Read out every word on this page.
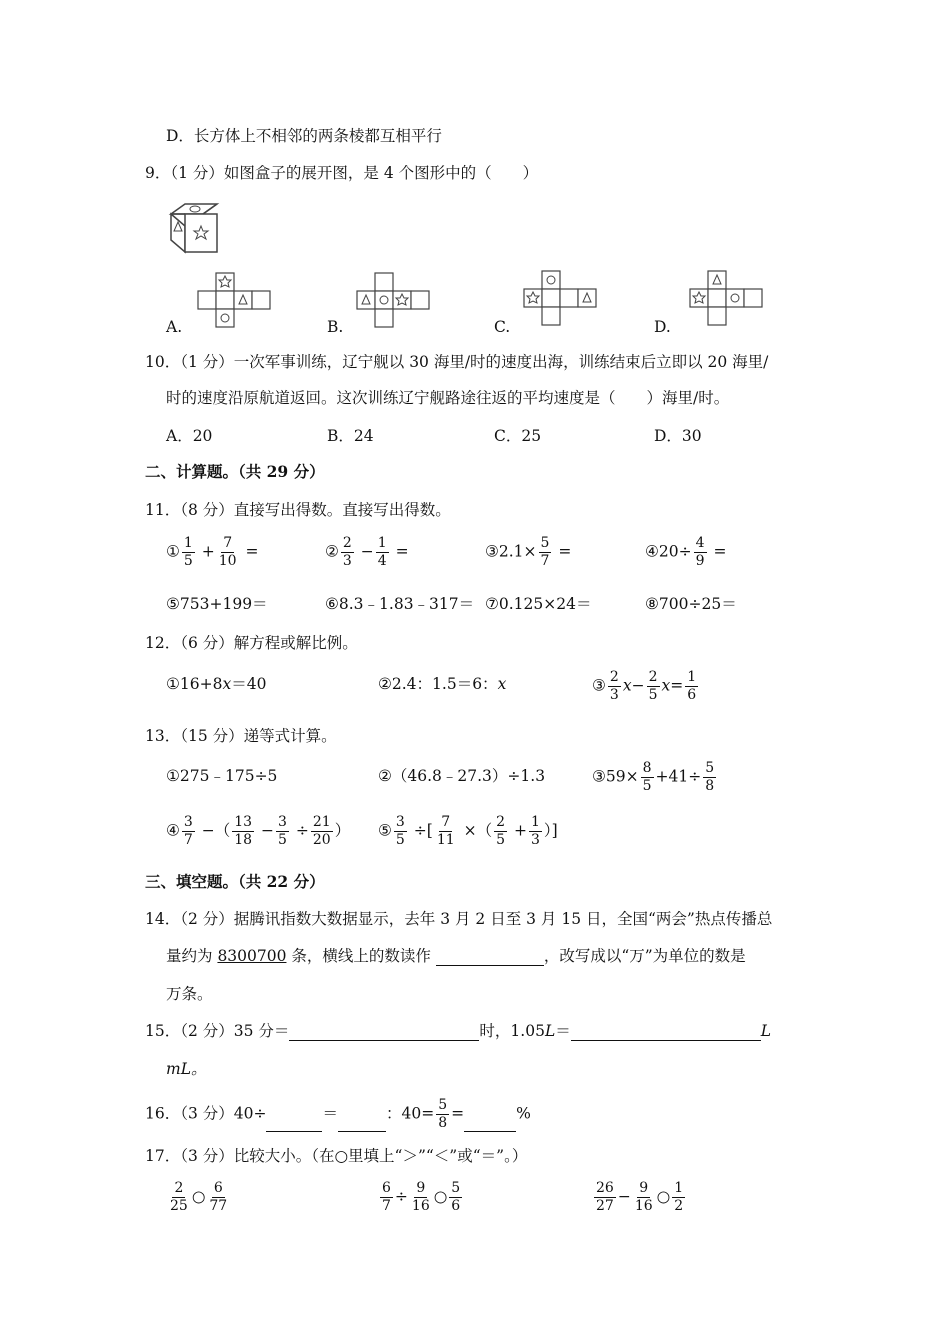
D．长方体上不相邻的两条棱都互相平行
9．（1 分）如图盒子的展开图，是 4 个图形中的（　　）
A.	B.	C.	D.
10．（1 分）一次军事训练，辽宁舰以 30 海里/时的速度出海，训练结束后立即以 20 海里/
时的速度沿原航道返回。这次训练辽宁舰路途往返的平均速度是（　　）海里/时。
A．20	B．24	C．25	D．30
二、计算题。（共 29 分）
11．（8 分）直接写出得数。直接写出得数。
① $\frac{1}{5} + \frac{7}{10}$ =	② $\frac{2}{3} - \frac{1}{4}$ =	③2.1× $\frac{5}{7}$ =	④20÷ $\frac{4}{9}$ =
⑤753+199＝	⑥8.3﹣1.83﹣317＝ ⑦0.125×24＝	⑧700÷25＝
12．（6 分）解方程或解比例。
①16+8x＝40	②2.4：1.5＝6：x	③ $\frac{2}{3} x- \frac{2}{5} x= \frac{1}{6}$
13．（15 分）递等式计算。
①275﹣175÷5	②（46.8﹣27.3）÷1.3	③59× $\frac{8}{5} +41\div \frac{5}{8}$
④ $\frac{3}{7}$ −（ $\frac{13}{18} - \frac{3}{5} \div \frac{21}{20}$ ） ⑤ $\frac{3}{5}$ ÷[ $\frac{7}{11}$ ×（ $\frac{2}{5} + \frac{1}{3}$ ）]
三、填空题。（共 22 分）
14．（2 分）据腾讯指数大数据显示，去年 3 月 2 日至 3 月 15 日，全国“两会”热点传播总
量约为 8300700 条，横线上的数读作	，改写成以“万”为单位的数是
万条。
15．（2 分）35 分＝	时，1.05L＝	L
mL。
16．（3 分）40÷	＝	：$40= \frac{5}{8}$ =	%
17．（3 分）比较大小。（在○里填上“＞”“＜”或“＝”。）
$\frac{2}{25}$ ○ $\frac{6}{77}$	$\frac{6}{7} \div \frac{9}{16}$ ○ $\frac{5}{6}$	$\frac{26}{27} - \frac{9}{16}$ ○ $\frac{1}{2}$
